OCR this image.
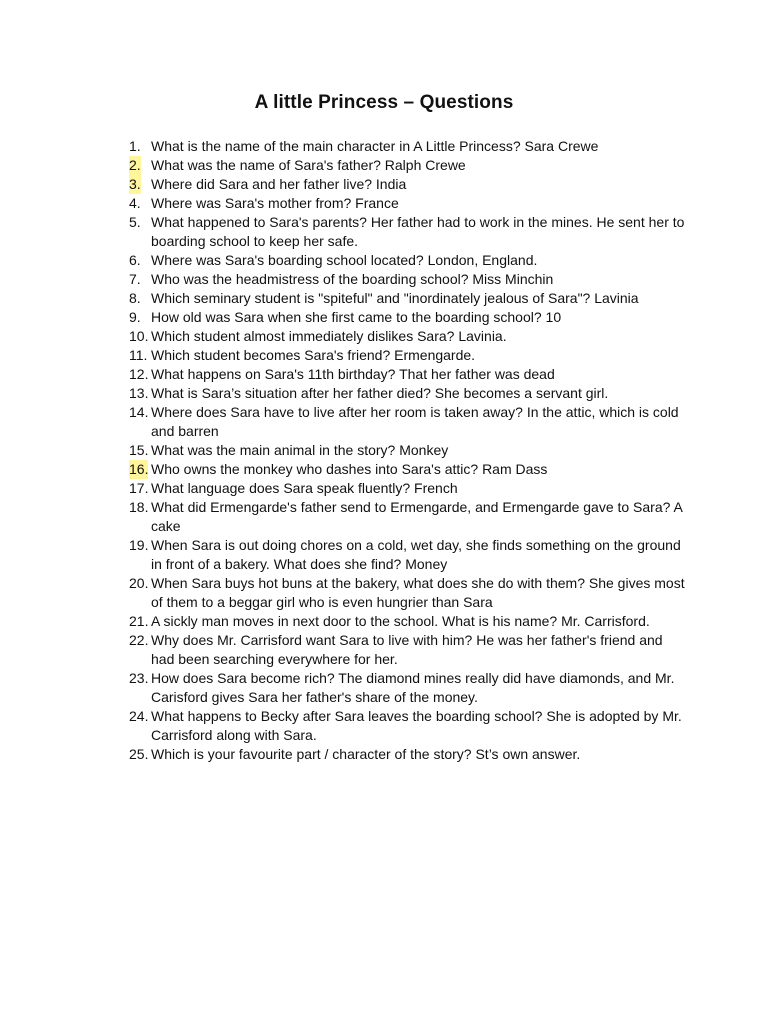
A little Princess – Questions
1. What is the name of the main character in A Little Princess? Sara Crewe
2. What was the name of Sara's father? Ralph Crewe
3. Where did Sara and her father live? India
4. Where was Sara's mother from? France
5. What happened to Sara's parents? Her father had to work in the mines. He sent her to boarding school to keep her safe.
6. Where was Sara's boarding school located? London, England.
7. Who was the headmistress of the boarding school? Miss Minchin
8. Which seminary student is "spiteful" and "inordinately jealous of Sara"? Lavinia
9. How old was Sara when she first came to the boarding school? 10
10. Which student almost immediately dislikes Sara? Lavinia.
11. Which student becomes Sara's friend? Ermengarde.
12. What happens on Sara's 11th birthday? That her father was dead
13. What is Sara’s situation after her father died? She becomes a servant girl.
14. Where does Sara have to live after her room is taken away? In the attic, which is cold and barren
15. What was the main animal in the story? Monkey
16. Who owns the monkey who dashes into Sara's attic? Ram Dass
17. What language does Sara speak fluently? French
18. What did Ermengarde's father send to Ermengarde, and Ermengarde gave to Sara? A cake
19. When Sara is out doing chores on a cold, wet day, she finds something on the ground in front of a bakery. What does she find? Money
20. When Sara buys hot buns at the bakery, what does she do with them? She gives most of them to a beggar girl who is even hungrier than Sara
21. A sickly man moves in next door to the school. What is his name? Mr. Carrisford.
22. Why does Mr. Carrisford want Sara to live with him? He was her father's friend and had been searching everywhere for her.
23. How does Sara become rich? The diamond mines really did have diamonds, and Mr. Carisford gives Sara her father's share of the money.
24. What happens to Becky after Sara leaves the boarding school? She is adopted by Mr. Carrisford along with Sara.
25. Which is your favourite part / character of the story? St’s own answer.
